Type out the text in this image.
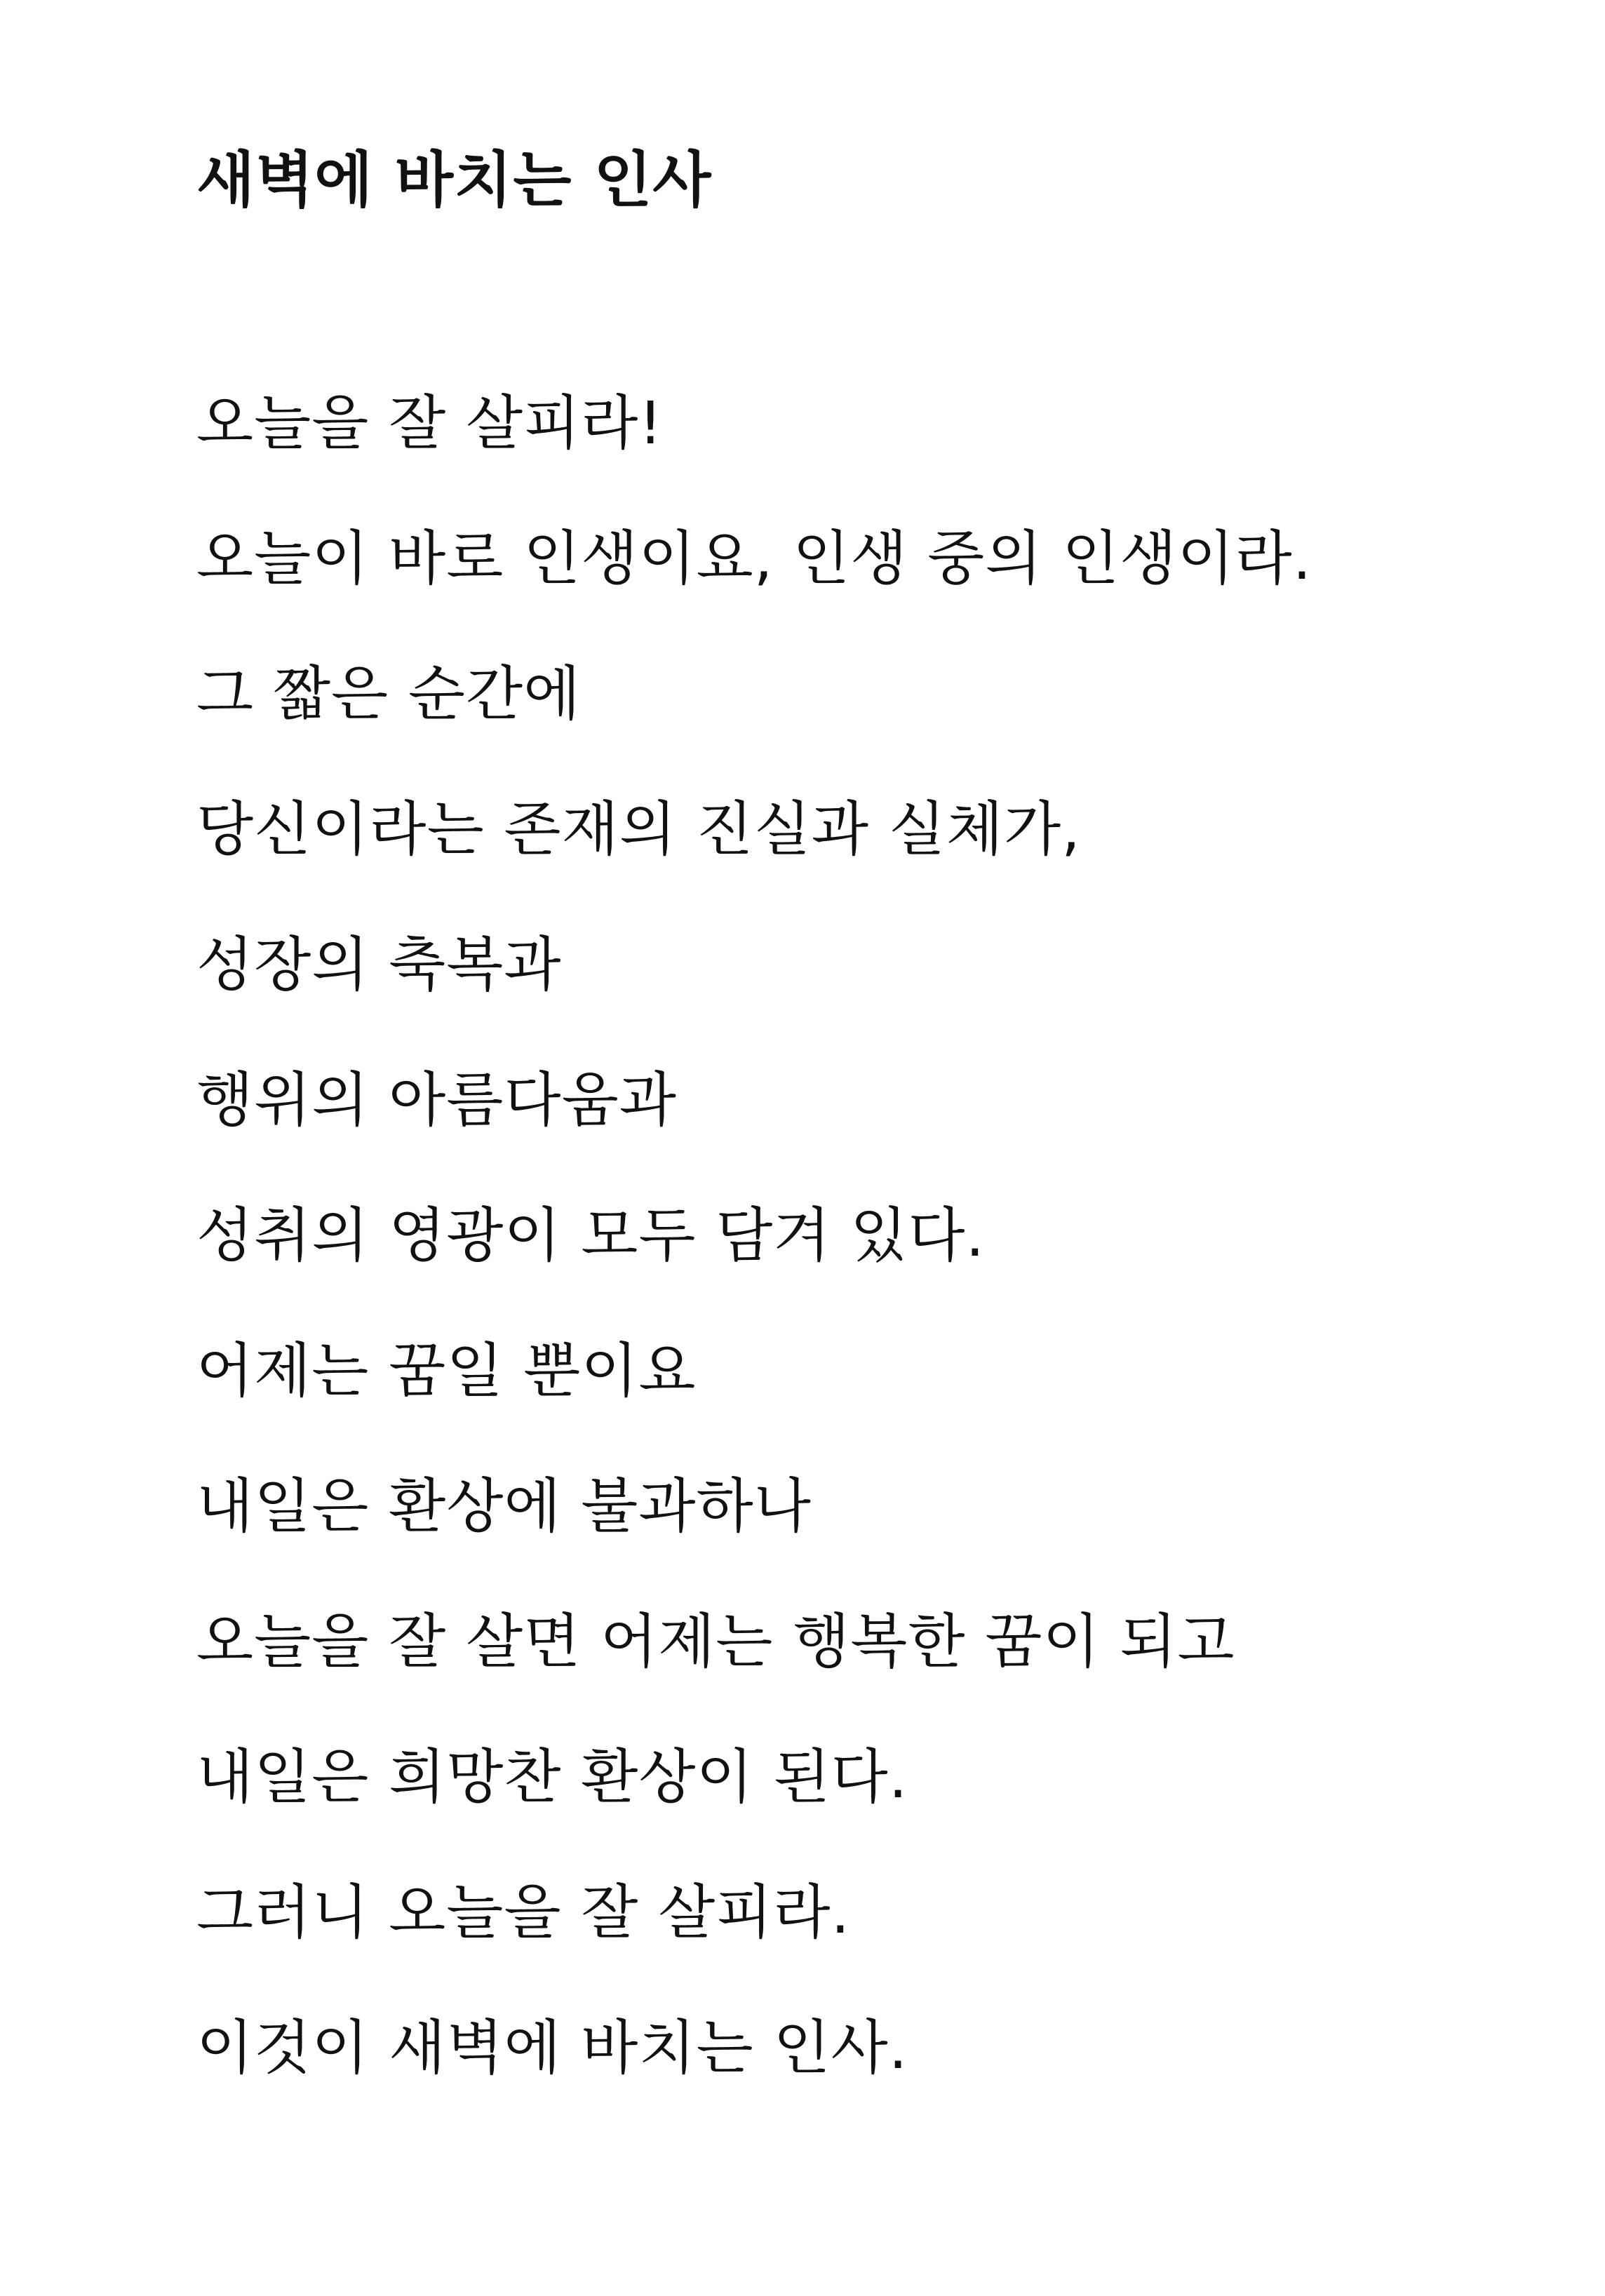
새벽에 바치는 인사
오늘을 잘 살피라!
오늘이 바로 인생이요, 인생 중의 인생이라.
그 짧은 순간에
당신이라는 존재의 진실과 실체가,
성장의 축복과
행위의 아름다움과
성취의 영광이 모두 담겨 있다.
어제는 꿈일 뿐이요
내일은 환상에 불과하나
오늘을 잘 살면 어제는 행복한 꿈이 되고
내일은 희망찬 환상이 된다.
그러니 오늘을 잘 살피라.
이것이 새벽에 바치는 인사.
